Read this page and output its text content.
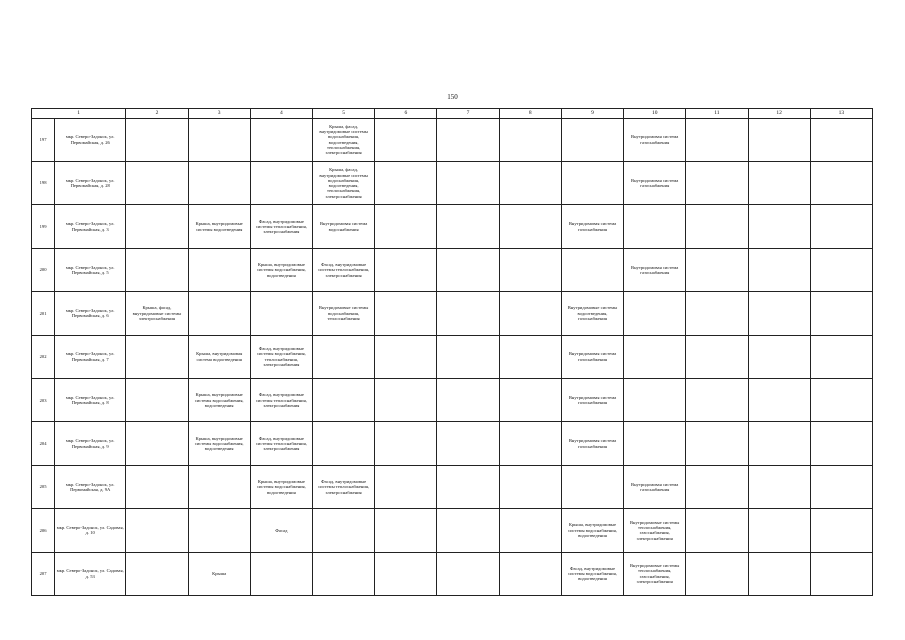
150
1		2	3	4	5	6	7	8	9	10	11	12	13
197	мкр. Северо-Задонск, ул. Первомайская, д. 26				Крыша, фасад, внутридомовые системы водоснабжения, водоотведения, теплоснабжения, электроснабжения					Внутридомовая система газоснабжения			
198	мкр. Северо-Задонск, ул. Первомайская, д. 28				Крыша, фасад, внутридомовые системы водоснабжения, водоотведения, теплоснабжения, электроснабжения					Внутридомовая система газоснабжения			
199	мкр. Северо-Задонск, ул. Первомайская, д. 3		Крыша, внутридомовые системы водоотведения	Фасад, внутридомовые системы теплоснабжения, электроснабжения	Внутридомовая система водоснабжения				Внутридомовая система газоснабжения				
200	мкр. Северо-Задонск, ул. Первомайская, д. 5			Крыша, внутридомовые системы водоснабжения, водоотведения	Фасад, внутридомовые системы теплоснабжения, электроснабжения					Внутридомовая система газоснабжения			
201	мкр. Северо-Задонск, ул. Первомайская, д. 6	Крыша, фасад, внутридомовые системы электроснабжения			Внутридомовые системы водоснабжения, теплоснабжения				Внутридомовые системы водоотведения, газоснабжения				
202	мкр. Северо-Задонск, ул. Первомайская, д. 7		Крыша, внутридомовая система водоотведения	Фасад, внутридомовые системы водоснабжения, теплоснабжения, электроснабжения					Внутридомовая система газоснабжения				
203	мкр. Северо-Задонск, ул. Первомайская, д. 8		Крыша, внутридомовые системы водоснабжения, водоотведения	Фасад, внутридомовые системы теплоснабжения, электроснабжения					Внутридомовая система газоснабжения				
204	мкр. Северо-Задонск, ул. Первомайская, д. 9		Крыша, внутридомовые системы водоснабжения, водоотведения	Фасад, внутридомовые системы теплоснабжения, электроснабжения					Внутридомовая система газоснабжения				
205	мкр. Северо-Задонск, ул. Первомайская, д. 9А			Крыша, внутридомовые системы водоснабжения, водоотведения	Фасад, внутридомовые системы теплоснабжения, электроснабжения					Внутридомовая система газоснабжения			
206	мкр. Северо-Задонск, ул. Садовая, д. 10			Фасад					Крыша, внутридомовые системы водоснабжения, водоотведения	Внутридомовые системы теплоснабжения, газоснабжения, электроснабжения			
207	мкр. Северо-Задонск, ул. Садовая, д. 53		Крыша						Фасад, внутридомовые системы водоснабжения, водоотведения	Внутридомовые системы теплоснабжения, газоснабжения, электроснабжения			
